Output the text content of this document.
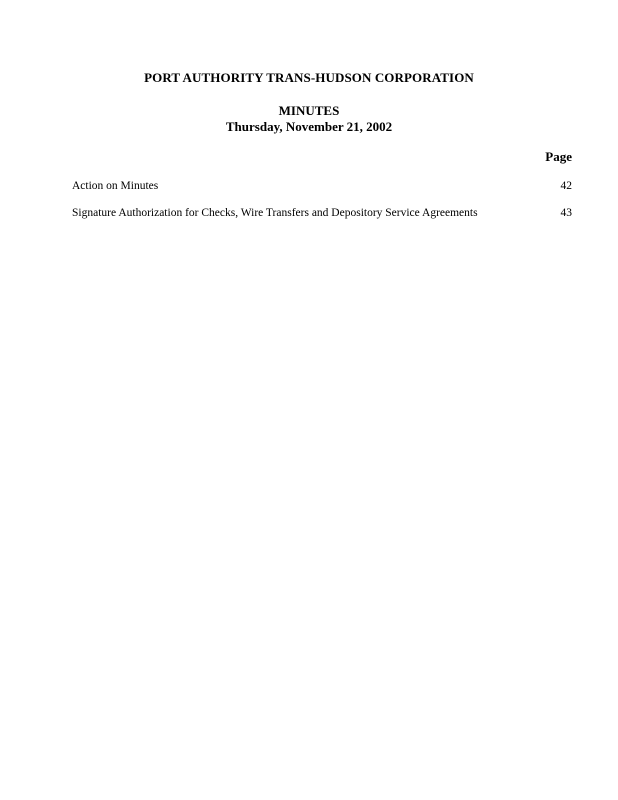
PORT AUTHORITY TRANS-HUDSON CORPORATION
MINUTES
Thursday, November 21, 2002
Page
Action on Minutes	42
Signature Authorization for Checks, Wire Transfers and Depository Service Agreements	43
